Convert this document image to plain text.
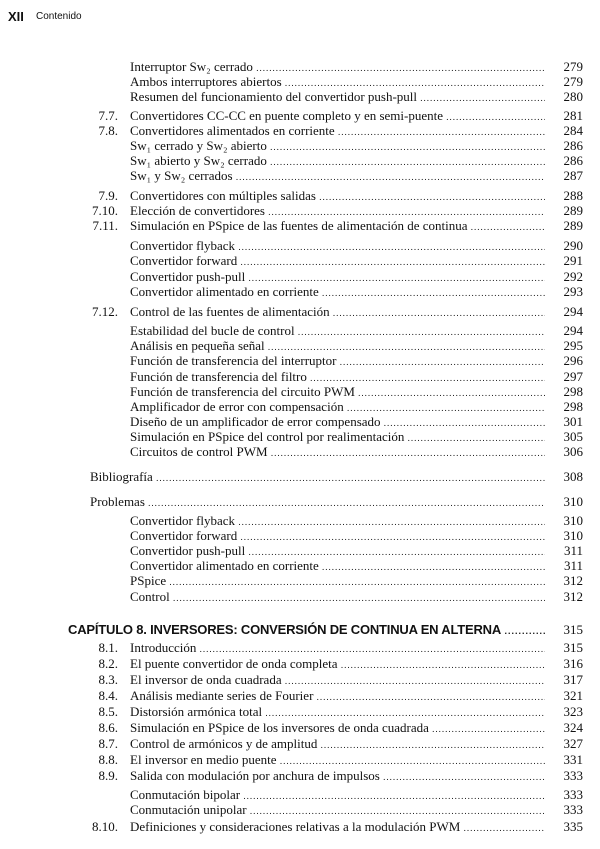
XII Contenido
Interruptor Sw₂ cerrado .....	279
Ambos interruptores abiertos .....	279
Resumen del funcionamiento del convertidor push-pull .....	280
7.7. Convertidores CC-CC en puente completo y en semi-puente .....	281
7.8. Convertidores alimentados en corriente .....	284
Sw₁ cerrado y Sw₂ abierto .....	286
Sw₁ abierto y Sw₂ cerrado .....	286
Sw₁ y Sw₂ cerrados .....	287
7.9. Convertidores con múltiples salidas .....	288
7.10. Elección de convertidores .....	289
7.11. Simulación en PSpice de las fuentes de alimentación de continua .....	289
Convertidor flyback .....	290
Convertidor forward .....	291
Convertidor push-pull .....	292
Convertidor alimentado en corriente .....	293
7.12. Control de las fuentes de alimentación .....	294
Estabilidad del bucle de control .....	294
Análisis en pequeña señal .....	295
Función de transferencia del interruptor .....	296
Función de transferencia del filtro .....	297
Función de transferencia del circuito PWM .....	298
Amplificador de error con compensación .....	298
Diseño de un amplificador de error compensado .....	301
Simulación en PSpice del control por realimentación .....	305
Circuitos de control PWM .....	306
Bibliografía .....	308
Problemas .....	310
Convertidor flyback .....	310
Convertidor forward .....	310
Convertidor push-pull .....	311
Convertidor alimentado en corriente .....	311
PSpice .....	312
Control .....	312
CAPÍTULO 8. INVERSORES: CONVERSIÓN DE CONTINUA EN ALTERNA .....	315
8.1. Introducción .....	315
8.2. El puente convertidor de onda completa .....	316
8.3. El inversor de onda cuadrada .....	317
8.4. Análisis mediante series de Fourier .....	321
8.5. Distorsión armónica total .....	323
8.6. Simulación en PSpice de los inversores de onda cuadrada .....	324
8.7. Control de armónicos y de amplitud .....	327
8.8. El inversor en medio puente .....	331
8.9. Salida con modulación por anchura de impulsos .....	333
Conmutación bipolar .....	333
Conmutación unipolar .....	333
8.10. Definiciones y consideraciones relativas a la modulación PWM .....	335
